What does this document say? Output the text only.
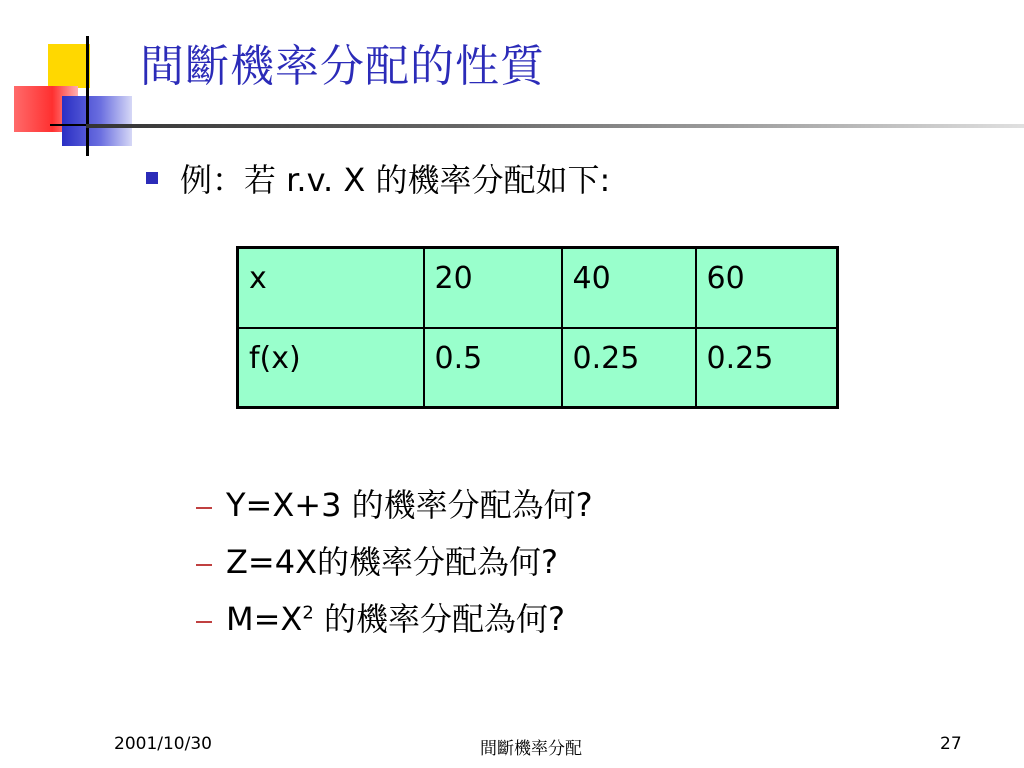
間斷機率分配的性質
例：若 r.v. X 的機率分配如下:
x	20	40	60
f(x)	0.5	0.25	0.25
Y=X+3 的機率分配為何?
Z=4X的機率分配為何?
$M=X^2$ 的機率分配為何?
2001/10/30	間斷機率分配	27
